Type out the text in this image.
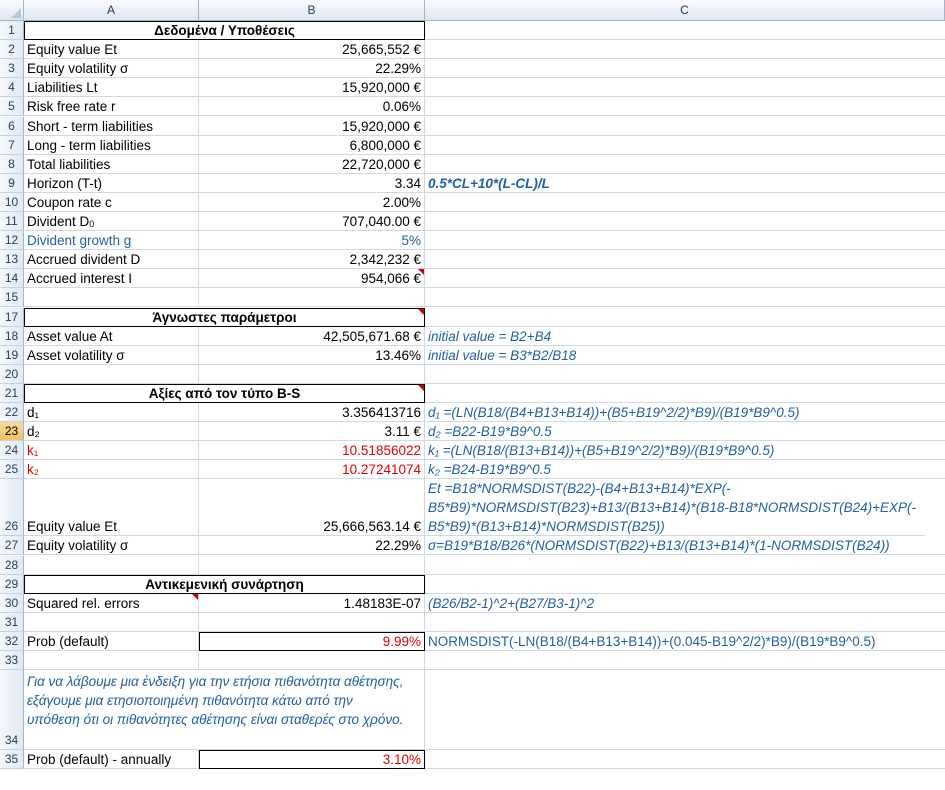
A	B	C
1	Δεδομένα / Υποθέσεις
2 Equity value Et	25,665,552 €
3 Equity volatility σ	22.29%
4 Liabilities Lt	15,920,000 €
5 Risk free rate r	0.06%
6 Short - term liabilities	15,920,000 €
7 Long - term liabilities	6,800,000 €
8 Total liabilities	22,720,000 €
9 Horizon (T-t)	3.34 0.5*CL+10*(L-CL)/L
10 Coupon rate c	2.00%
11 Divident D 0	707,040.00 €
12 Divident growth g	5%
13 Accrued divident D	2,342,232 €
14 Accrued interest I	954,066 €
15
17	Άγνωστες παράμετροι
18 Asset value At	42,505,671.68 € initial value = B2+B4
19 Asset volatility σ	13.46% initial value = B3*B2/B18
20
21	Αξίες από τον τύπο B-S
22 d₁	3.356413716 d₁ =(LN(B18/(B4+B13+B14))+(B5+B19^2/2)*B9)/(B19*B9^0.5)
23 d₂	3.11 € d₂ =B22-B19*B9^0.5
24 k₁	10.51856022 k₁ =(LN(B18/(B13+B14))+(B5+B19^2/2)*B9)/(B19*B9^0.5)
25 k₂	10.27241074 k₂ =B24-B19*B9^0.5
26 Equity value Et	25,666,563.14 €
Et =B18*NORMSDIST(B22)-(B4+B13+B14)*EXP(-B5*B9)*NORMSDIST(B23)+B13/(B13+B14)*(B18-B18*NORMSDIST(B24)+EXP(-B5*B9)*(B13+B14)*NORMSDIST(B25))
27 Equity volatility σ	22.29% σ=B19*B18/B26*(NORMSDIST(B22)+B13/(B13+B14)*(1-NORMSDIST(B24))
28
29	Αντικεμενική συνάρτηση
30 Squared rel. errors	1.48183E-07 (B26/B2-1)^2+(B27/B3-1)^2
31
32 Prob (default)	9.99% NORMSDIST(-LN(B18/(B4+B13+B14))+(0.045-B19^2/2)*B9)/(B19*B9^0.5)
33
34
Για να λάβουμε μια ένδειξη για την ετήσια πιθανότητα αθέτησης, εξάγουμε μια ετησιοποιημένη πιθανότητα κάτω από την υπόθεση ότι οι πιθανότητες αθέτησης είναι σταθερές στο χρόνο.
35 Prob (default) - annually	3.10%
